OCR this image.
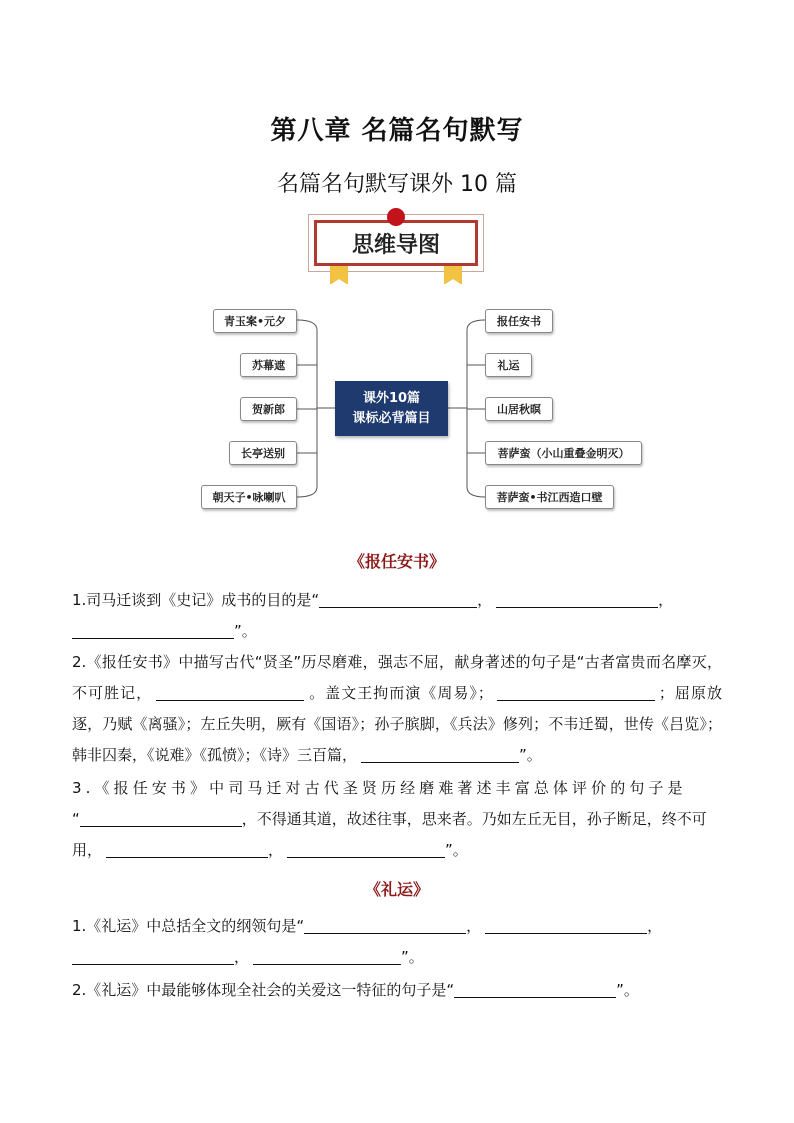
第八章 名篇名句默写
名篇名句默写课外 10 篇
思维导图
青玉案•元夕
苏幕遮
贺新郎
长亭送别
朝天子•咏喇叭
课外10篇
课标必背篇目
报任安书
礼运
山居秋暝
菩萨蛮（小山重叠金明灭）
菩萨蛮•书江西造口壁
《报任安书》
1.司马迁谈到《史记》成书的目的是“	，	，
”。
2.《报任安书》中描写古代“贤圣”历尽磨难，强志不屈，献身著述的句子是“古者富贵而名摩灭，不可胜记，	。盖文王拘而演《周易》；	；屈原放逐，乃赋《离骚》；左丘失明，厥有《国语》；孙子膑脚，《兵法》修列；不韦迁蜀，世传《吕览》；韩非囚秦，《说难》《孤愤》；《诗》三百篇，	”。
3.《报任安书》中司马迁对古代圣贤历经磨难著述丰富总体评价的句子是
“	，不得通其道，故述往事，思来者。乃如左丘无目，孙子断足，终不可用，	，	”。
《礼运》
1.《礼运》中总括全文的纲领句是“	，	，
，	”。
2.《礼运》中最能够体现全社会的关爱这一特征的句子是“	”。
